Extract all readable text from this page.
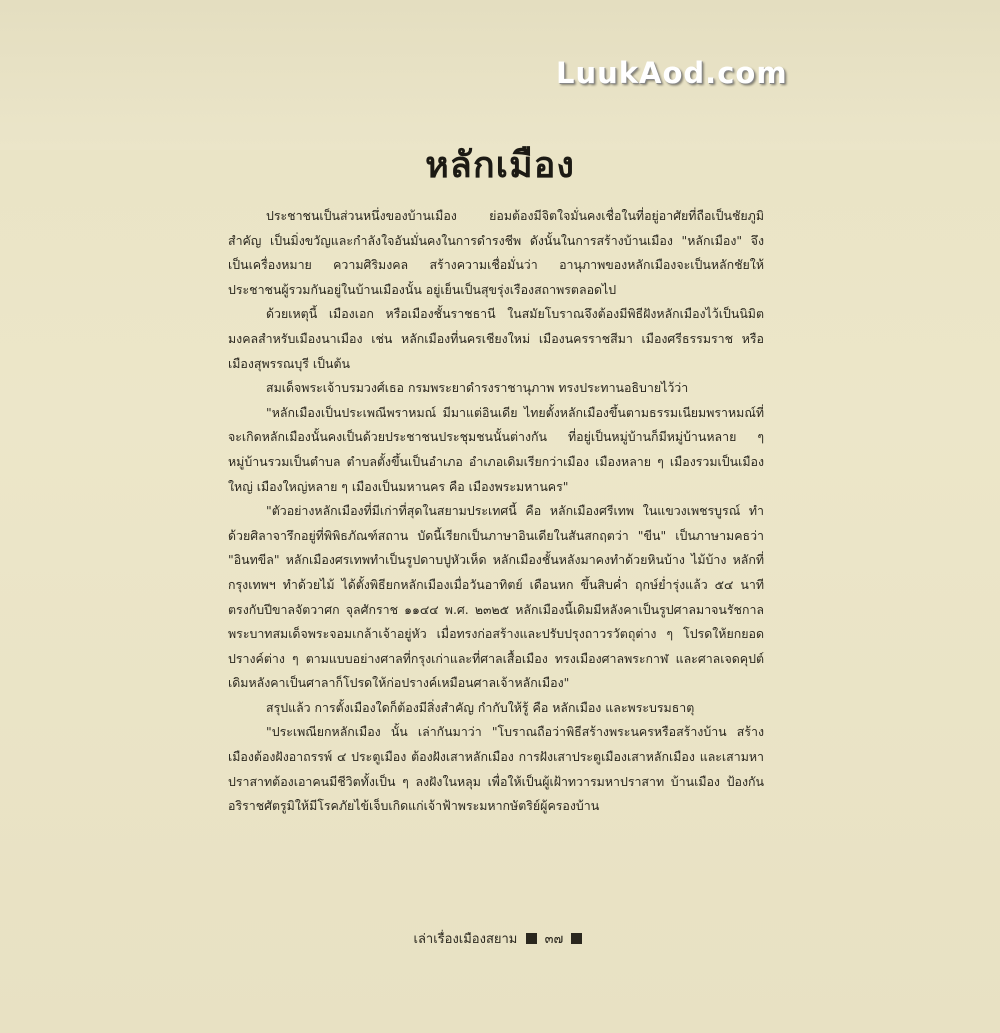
LuukAod.com
หลักเมือง

ประชาชนเป็นส่วนหนึ่งของบ้านเมือง ย่อมต้องมีจิตใจมั่นคงเชื่อในที่อยู่อาศัยที่ถือเป็นชัยภูมิสำคัญ เป็นมิ่งขวัญและกำลังใจอันมั่นคงในการดำรงชีพ ดังนั้นในการสร้างบ้านเมือง "หลักเมือง" จึงเป็นเครื่องหมาย ความศิริมงคล สร้างความเชื่อมั่นว่า อานุภาพของหลักเมืองจะเป็นหลักชัยให้ประชาชนผู้รวมกันอยู่ในบ้านเมืองนั้น อยู่เย็นเป็นสุขรุ่งเรืองสถาพรตลอดไป

ด้วยเหตุนี้ เมืองเอก หรือเมืองชั้นราชธานี ในสมัยโบราณจึงต้องมีพิธีฝังหลักเมืองไว้เป็นนิมิตมงคลสำหรับเมืองนาเมือง เช่น หลักเมืองที่นครเชียงใหม่ เมืองนครราชสีมา เมืองศรีธรรมราช หรือเมืองสุพรรณบุรี เป็นต้น

สมเด็จพระเจ้าบรมวงศ์เธอ กรมพระยาดำรงราชานุภาพ ทรงประทานอธิบายไว้ว่า

"หลักเมืองเป็นประเพณีพราหมณ์ มีมาแต่อินเดีย ไทยตั้งหลักเมืองขึ้นตามธรรมเนียมพราหมณ์ที่จะเกิดหลักเมืองนั้นคงเป็นด้วยประชาชนประชุมชนนั้นต่างกัน ที่อยู่เป็นหมู่บ้านก็มีหมู่บ้านหลาย ๆ หมู่บ้านรวมเป็นตำบล ตำบลตั้งขึ้นเป็นอำเภอ อำเภอเดิมเรียกว่าเมือง เมืองหลาย ๆ เมืองรวมเป็นเมืองใหญ่ เมืองใหญ่หลาย ๆ เมืองเป็นมหานคร คือ เมืองพระมหานคร"

"ตัวอย่างหลักเมืองที่มีเก่าที่สุดในสยามประเทศนี้ คือ หลักเมืองศรีเทพ ในแขวงเพชรบูรณ์ ทำด้วยศิลาจารึกอยู่ที่พิพิธภัณฑ์สถาน บัดนี้เรียกเป็นภาษาอินเดียในสันสกฤตว่า "ขีน" เป็นภาษามคธว่า "อินทขีล" หลักเมืองศรเทพทำเป็นรูปดาบปูหัวเห็ด หลักเมืองชั้นหลังมาคงทำด้วยหินบ้าง ไม้บ้าง หลักที่กรุงเทพฯ ทำด้วยไม้ ได้ตั้งพิธียกหลักเมืองเมื่อวันอาทิตย์ เดือนหก ขึ้นสิบค่ำ ฤกษ์ย่ำรุ่งแล้ว ๕๔ นาที ตรงกับปีขาลจัตวาศก จุลศักราช ๑๑๔๔ พ.ศ. ๒๓๒๕ หลักเมืองนี้เดิมมีหลังคาเป็นรูปศาลมาจนรัชกาลพระบาทสมเด็จพระจอมเกล้าเจ้าอยู่หัว เมื่อทรงก่อสร้างและปรับปรุงถาวรวัตถุต่าง ๆ โปรดให้ยกยอดปรางค์ต่าง ๆ ตามแบบอย่างศาลที่กรุงเก่าและที่ศาลเสื้อเมือง ทรงเมืองศาลพระกาฬ และศาลเจดคุปต์ เดิมหลังคาเป็นศาลาก็โปรดให้ก่อปรางค์เหมือนศาลเจ้าหลักเมือง"

สรุปแล้ว การตั้งเมืองใดก็ต้องมีสิ่งสำคัญ กำกับให้รู้ คือ หลักเมือง และพระบรมธาตุ

"ประเพณียกหลักเมือง นั้น เล่ากันมาว่า "โบราณถือว่าพิธีสร้างพระนครหรือสร้างบ้าน สร้างเมืองต้องฝังอาถรรพ์ ๔ ประตูเมือง ต้องฝังเสาหลักเมือง การฝังเสาประตูเมืองเสาหลักเมือง และเสามหาปราสาทต้องเอาคนมีชีวิตทั้งเป็น ๆ ลงฝังในหลุม เพื่อให้เป็นผู้เฝ้าทวารมหาปราสาท บ้านเมือง ป้องกันอริราชศัตรูมิให้มีโรคภัยไข้เจ็บเกิดแก่เจ้าฟ้าพระมหากษัตริย์ผู้ครองบ้าน

เล่าเรื่องเมืองสยาม ๓๗
